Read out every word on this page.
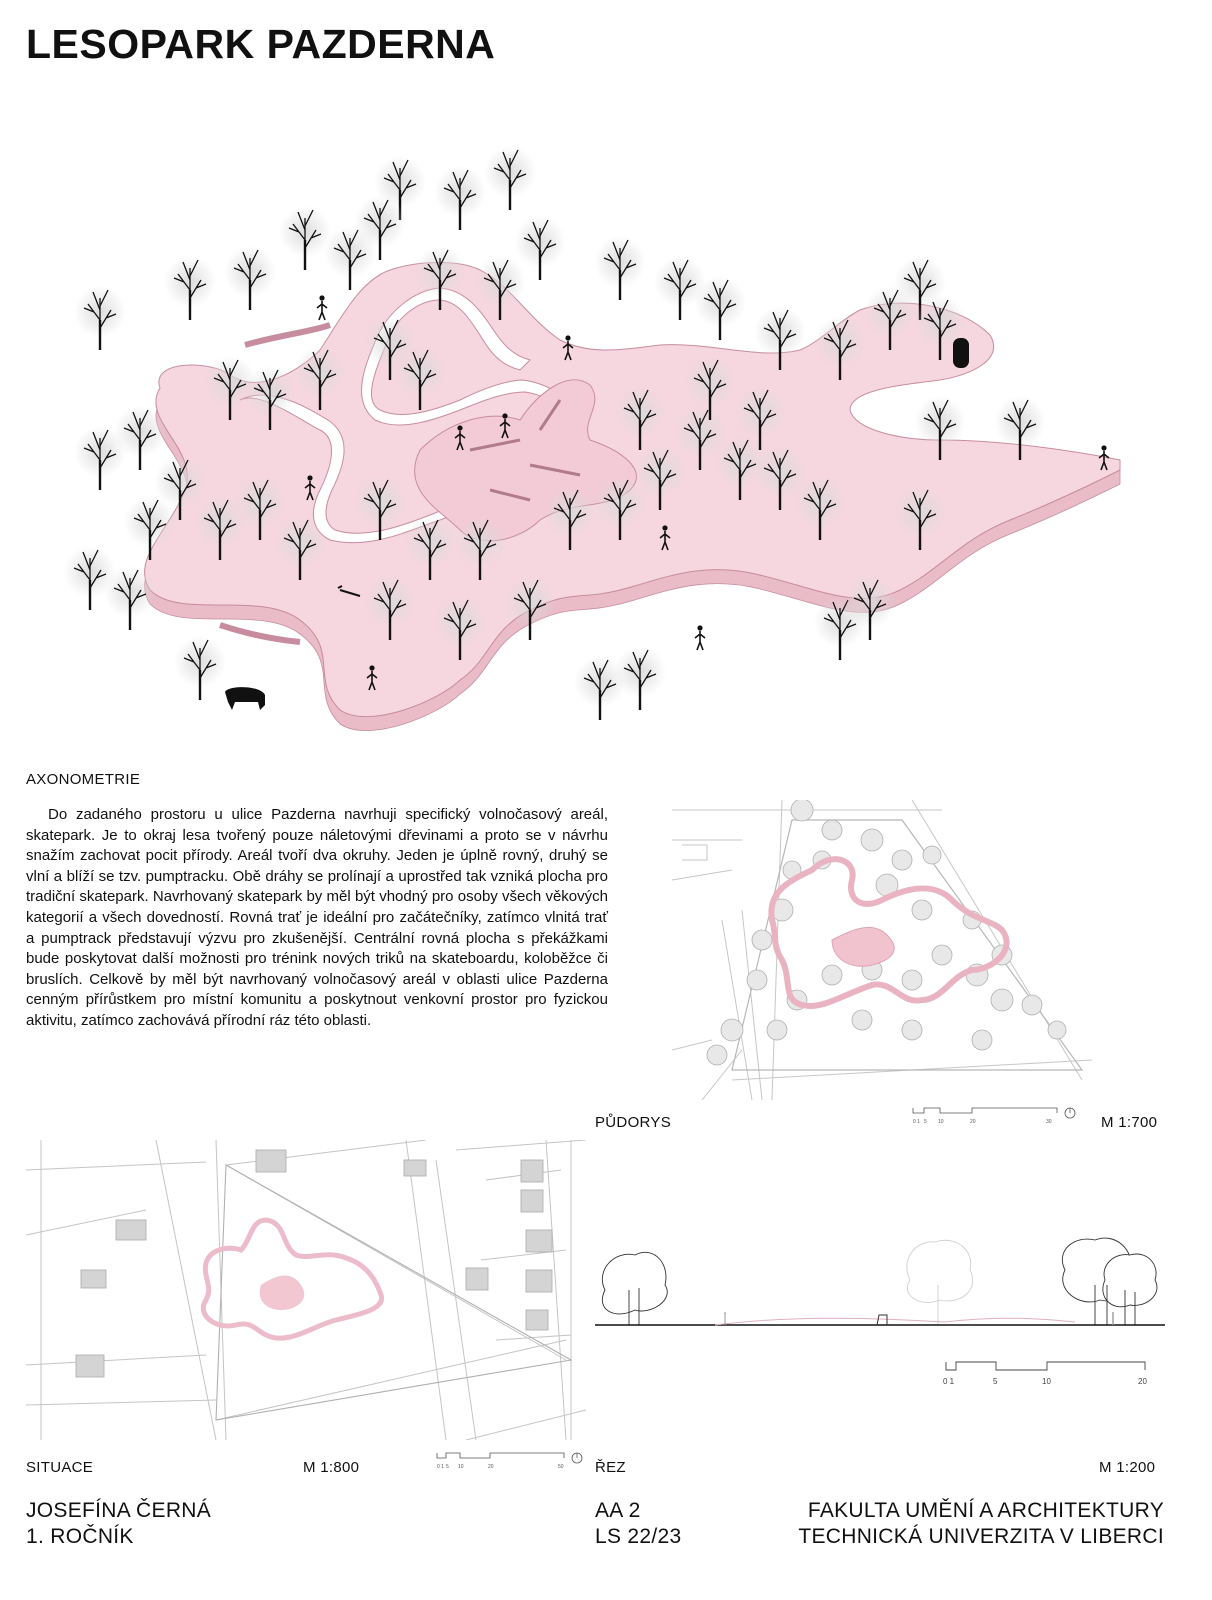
LESOPARK PAZDERNA
AXONOMETRIE

Do zadaného prostoru u ulice Pazderna navrhuji specifický volnočasový areál, skatepark. Je to okraj lesa tvořený pouze náletovými dřevinami a proto se v návrhu snažím zachovat pocit přírody. Areál tvoří dva okruhy. Jeden je úplně rovný, druhý se vlní a blíží se tzv. pumptracku. Obě dráhy se prolínají a uprostřed tak vzniká plocha pro tradiční skatepark. Navrhovaný skatepark by měl být vhodný pro osoby všech věkových kategorií a všech dovedností. Rovná trať je ideální pro začátečníky, zatímco vlnitá trať a pumptrack představují výzvu pro zkušenější. Centrální rovná plocha s překážkami bude poskytovat další možnosti pro trénink nových triků na skateboardu, koloběžce či bruslích. Celkově by měl být navrhovaný volnočasový areál v oblasti ulice Pazderna cenným přírůstkem pro místní komunitu a poskytnout venkovní prostor pro fyzickou aktivitu, zatímco zachovává přírodní ráz této oblasti.

PŮDORYS	M 1:700
0 1 5 10	20	30
SITUACE	M 1:800	0 1 5 10	20	50
0 1	5	10	20
ŘEZ	M 1:200
JOSEFÍNA ČERNÁ
1. ROČNÍK
AA 2
LS 22/23
FAKULTA UMĚNÍ A ARCHITEKTURY
TECHNICKÁ UNIVERZITA V LIBERCI
